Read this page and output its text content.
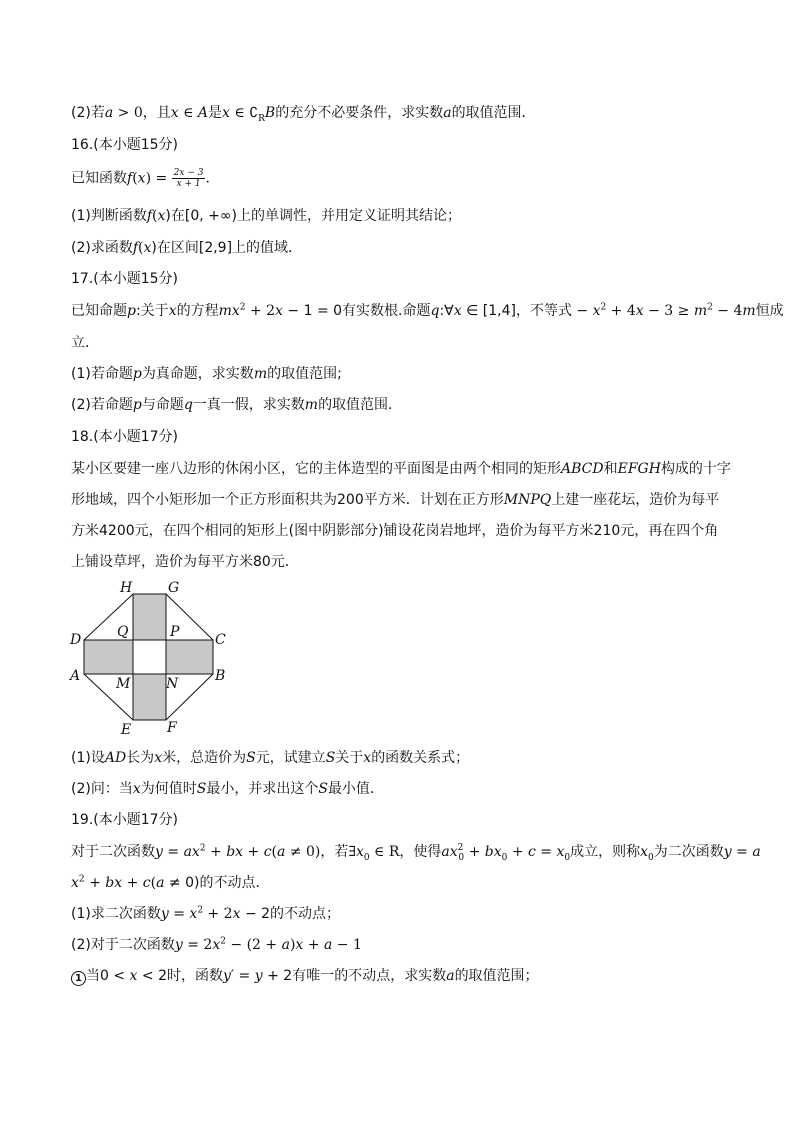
(2)若a > 0，且x ∈ A是x ∈ $∁_RB$的充分不必要条件，求实数a的取值范围．
16.(本小题15分)
已知函数$f(x) = \frac{2x - 3}{x + 1}$ ．
(1)判断函数f(x)在[0, +∞)上的单调性，并用定义证明其结论；
(2)求函数f(x)在区间[2,9]上的值域．
17.(本小题15分)
已知命题p:关于x的方程$mx^2 + 2x - 1 = 0$有实数根.命题q:∀x ∈ [1,4]，不等式 − $x^2 + 4x - 3 \ge m^2 - 4m$恒成
立．
(1)若命题p为真命题，求实数m的取值范围;
(2)若命题p与命题q一真一假，求实数m的取值范围．
18.(本小题17分)
某小区要建一座八边形的休闲小区，它的主体造型的平面图是由两个相同的矩形ABCD和EFGH构成的十字
形地域，四个小矩形加一个正方形面积共为200平方米．计划在正方形MNPQ上建一座花坛，造价为每平
方米4200元，在四个相同的矩形上(图中阴影部分)铺设花岗岩地坪，造价为每平方米210元，再在四个角
上铺设草坪，造价为每平方米80元．
H	G
D	C
A	B
E	F
Q	P
M	N
(1)设AD长为x米，总造价为S元，试建立S关于x的函数关系式；
(2)问：当x为何值时S最小，并求出这个S最小值．
19.(本小题17分)
对于二次函数$y = ax^2$ + bx + c(a ≠ 0)，若$\exists x_0$ ∈ R，使得$ax^2_0 + bx_0 + c = x_0$成立，则称$x_0$为二次函数y = a
$x^2$ + bx + c(a ≠ 0)的不动点．
(1)求二次函数$y = x^2 + 2x - 2$的不动点；
(2)对于二次函数$y = 2x^2 - (2 + a)x + a - 1$
1 当0 < x < 2时，函数y′ = y + 2有唯一的不动点，求实数a的取值范围；
